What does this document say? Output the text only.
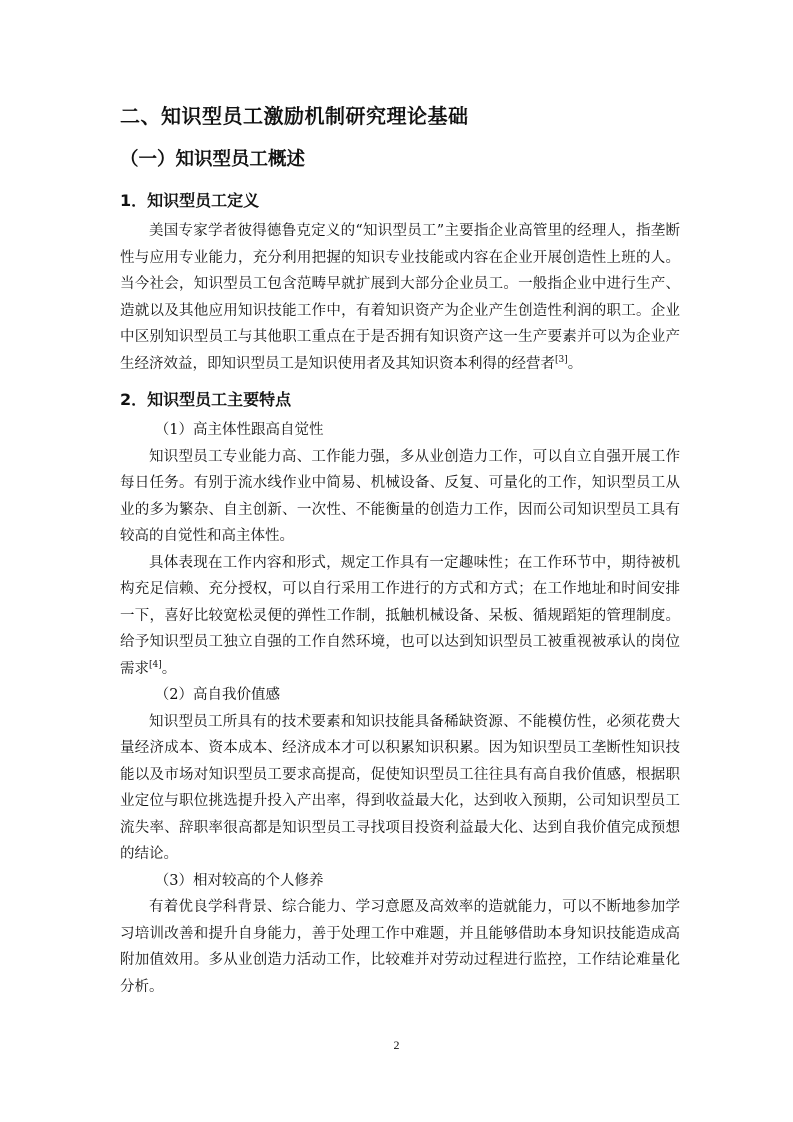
二、知识型员工激励机制研究理论基础
（一）知识型员工概述
1．知识型员工定义

美国专家学者彼得德鲁克定义的“知识型员工”主要指企业高管里的经理人，指垄断性与应用专业能力，充分利用把握的知识专业技能或内容在企业开展创造性上班的人。当今社会，知识型员工包含范畴早就扩展到大部分企业员工。一般指企业中进行生产、造就以及其他应用知识技能工作中，有着知识资产为企业产生创造性利润的职工。企业中区别知识型员工与其他职工重点在于是否拥有知识资产这一生产要素并可以为企业产生经济效益，即知识型员工是知识使用者及其知识资本利得的经营者[3]。

2．知识型员工主要特点

（1）高主体性跟高自觉性

知识型员工专业能力高、工作能力强，多从业创造力工作，可以自立自强开展工作每日任务。有别于流水线作业中简易、机械设备、反复、可量化的工作，知识型员工从业的多为繁杂、自主创新、一次性、不能衡量的创造力工作，因而公司知识型员工具有较高的自觉性和高主体性。

具体表现在工作内容和形式，规定工作具有一定趣味性；在工作环节中，期待被机构充足信赖、充分授权，可以自行采用工作进行的方式和方式；在工作地址和时间安排一下，喜好比较宽松灵便的弹性工作制，抵触机械设备、呆板、循规蹈矩的管理制度。给予知识型员工独立自强的工作自然环境，也可以达到知识型员工被重视被承认的岗位需求[4]。

（2）高自我价值感

知识型员工所具有的技术要素和知识技能具备稀缺资源、不能模仿性，必须花费大量经济成本、资本成本、经济成本才可以积累知识积累。因为知识型员工垄断性知识技能以及市场对知识型员工要求高提高，促使知识型员工往往具有高自我价值感，根据职业定位与职位挑选提升投入产出率，得到收益最大化，达到收入预期，公司知识型员工流失率、辞职率很高都是知识型员工寻找项目投资利益最大化、达到自我价值完成预想的结论。

（3）相对较高的个人修养

有着优良学科背景、综合能力、学习意愿及高效率的造就能力，可以不断地参加学习培训改善和提升自身能力，善于处理工作中难题，并且能够借助本身知识技能造成高附加值效用。多从业创造力活动工作，比较难并对劳动过程进行监控，工作结论难量化分析。

2
